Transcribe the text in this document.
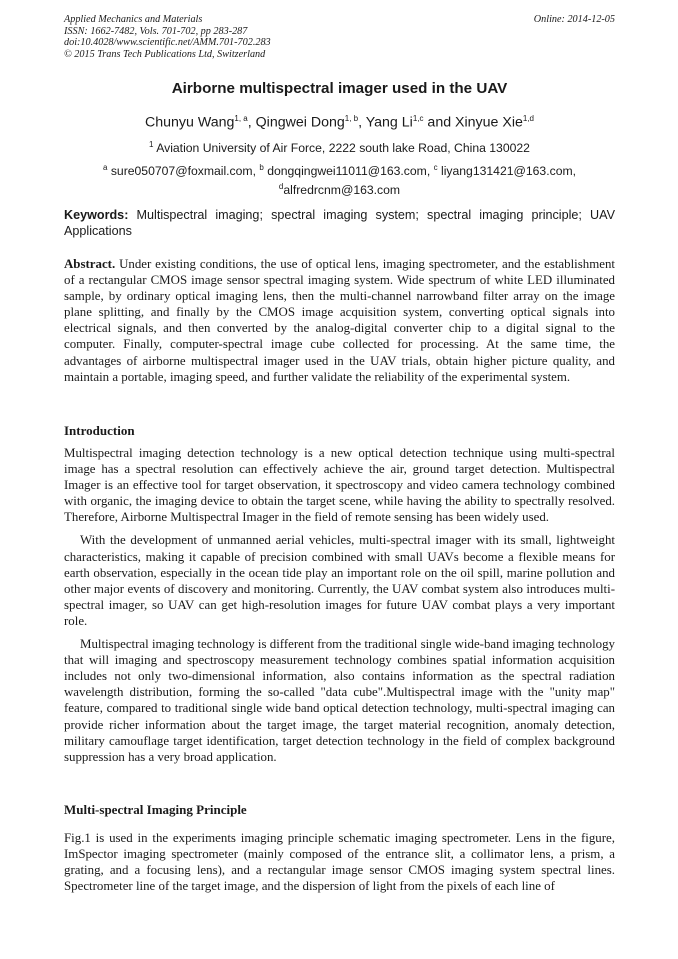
Applied Mechanics and Materials
ISSN: 1662-7482, Vols. 701-702, pp 283-287
doi:10.4028/www.scientific.net/AMM.701-702.283
© 2015 Trans Tech Publications Ltd, Switzerland
Online: 2014-12-05
Airborne multispectral imager used in the UAV
Chunyu Wang$^{1, a}$, Qingwei Dong$^{1, b}$, Yang Li$^{1,c}$ and Xinyue Xie$^{1,d}$
$^1$ Aviation University of Air Force, 2222 south lake Road, China 130022
$^a$ sure050707@foxmail.com, $^b$ dongqingwei11011@163.com, $^c$ liyang131421@163.com,
$^d$alfredrcnm@163.com
Keywords: Multispectral imaging; spectral imaging system; spectral imaging principle; UAV Applications

Abstract. Under existing conditions, the use of optical lens, imaging spectrometer, and the establishment of a rectangular CMOS image sensor spectral imaging system. Wide spectrum of white LED illuminated sample, by ordinary optical imaging lens, then the multi-channel narrowband filter array on the image plane splitting, and finally by the CMOS image acquisition system, converting optical signals into electrical signals, and then converted by the analog-digital converter chip to a digital signal to the computer. Finally, computer-spectral image cube collected for processing. At the same time, the advantages of airborne multispectral imager used in the UAV trials, obtain higher picture quality, and maintain a portable, imaging speed, and further validate the reliability of the experimental system.

Introduction

Multispectral imaging detection technology is a new optical detection technique using multi-spectral image has a spectral resolution can effectively achieve the air, ground target detection. Multispectral Imager is an effective tool for target observation, it spectroscopy and video camera technology combined with organic, the imaging device to obtain the target scene, while having the ability to spectrally resolved. Therefore, Airborne Multispectral Imager in the field of remote sensing has been widely used.

With the development of unmanned aerial vehicles, multi-spectral imager with its small, lightweight characteristics, making it capable of precision combined with small UAVs become a flexible means for earth observation, especially in the ocean tide play an important role on the oil spill, marine pollution and other major events of discovery and monitoring. Currently, the UAV combat system also introduces multi-spectral imager, so UAV can get high-resolution images for future UAV combat plays a very important role.

Multispectral imaging technology is different from the traditional single wide-band imaging technology that will imaging and spectroscopy measurement technology combines spatial information acquisition includes not only two-dimensional information, also contains information as the spectral radiation wavelength distribution, forming the so-called "data cube".Multispectral image with the "unity map" feature, compared to traditional single wide band optical detection technology, multi-spectral imaging can provide richer information about the target image, the target material recognition, anomaly detection, military camouflage target identification, target detection technology in the field of complex background suppression has a very broad application.

Multi-spectral Imaging Principle

Fig.1 is used in the experiments imaging principle schematic imaging spectrometer. Lens in the figure, ImSpector imaging spectrometer (mainly composed of the entrance slit, a collimator lens, a prism, a grating, and a focusing lens), and a rectangular image sensor CMOS imaging system spectral lines. Spectrometer line of the target image, and the dispersion of light from the pixels of each line of
